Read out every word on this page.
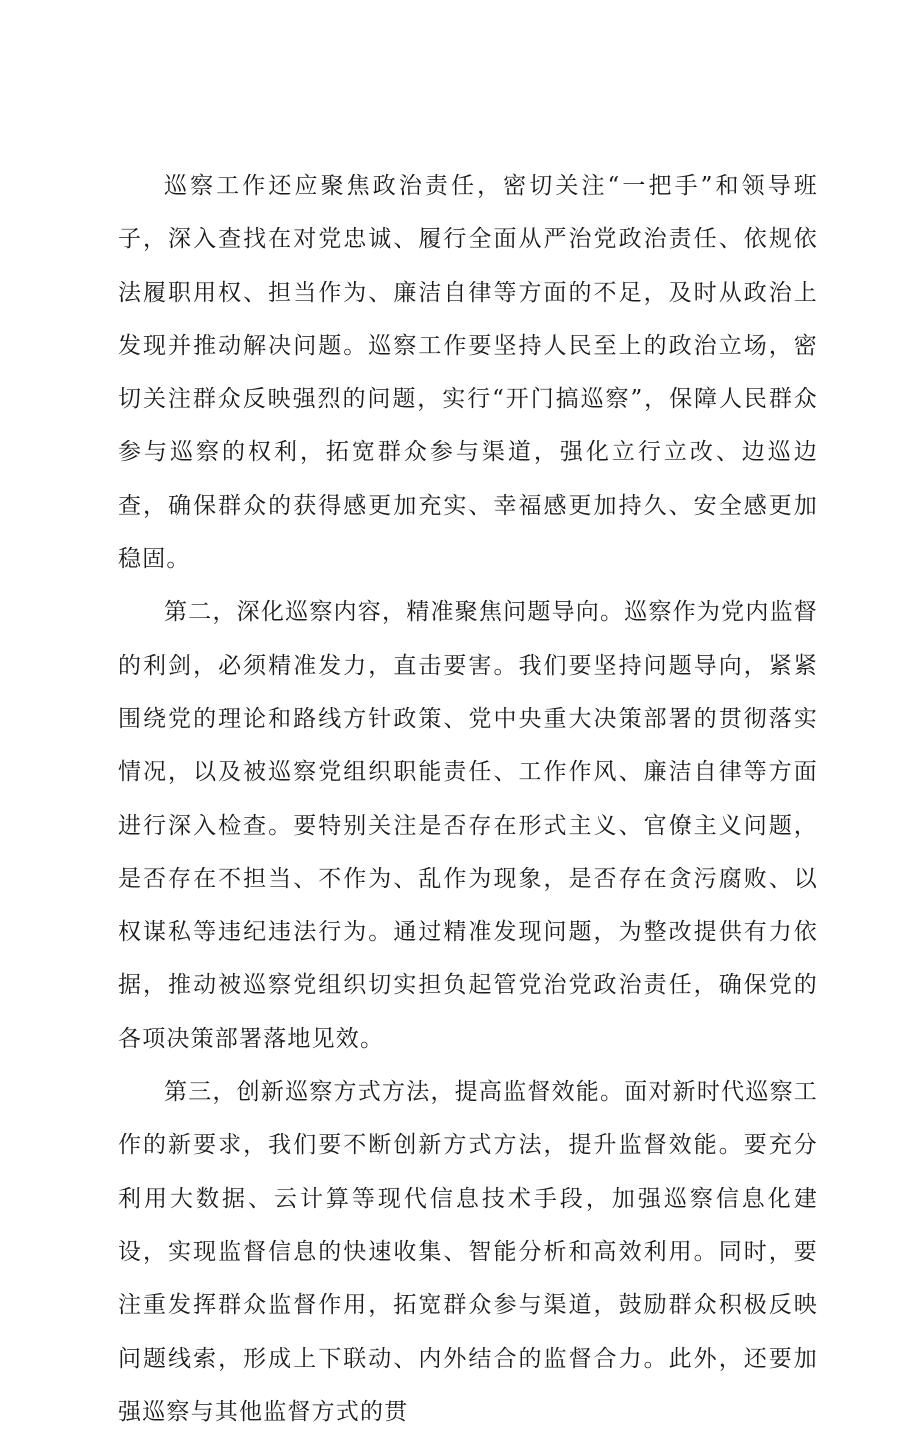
巡察工作还应聚焦政治责任，密切关注“一把手”和领导班子，深入查找在对党忠诚、履行全面从严治党政治责任、依规依法履职用权、担当作为、廉洁自律等方面的不足，及时从政治上发现并推动解决问题。巡察工作要坚持人民至上的政治立场，密切关注群众反映强烈的问题，实行“开门搞巡察”，保障人民群众参与巡察的权利，拓宽群众参与渠道，强化立行立改、边巡边查，确保群众的获得感更加充实、幸福感更加持久、安全感更加稳固。

第二，深化巡察内容，精准聚焦问题导向。巡察作为党内监督的利剑，必须精准发力，直击要害。我们要坚持问题导向，紧紧围绕党的理论和路线方针政策、党中央重大决策部署的贯彻落实情况，以及被巡察党组织职能责任、工作作风、廉洁自律等方面进行深入检查。要特别关注是否存在形式主义、官僚主义问题，是否存在不担当、不作为、乱作为现象，是否存在贪污腐败、以权谋私等违纪违法行为。通过精准发现问题，为整改提供有力依据，推动被巡察党组织切实担负起管党治党政治责任，确保党的各项决策部署落地见效。

第三，创新巡察方式方法，提高监督效能。面对新时代巡察工作的新要求，我们要不断创新方式方法，提升监督效能。要充分利用大数据、云计算等现代信息技术手段，加强巡察信息化建设，实现监督信息的快速收集、智能分析和高效利用。同时，要注重发挥群众监督作用，拓宽群众参与渠道，鼓励群众积极反映问题线索，形成上下联动、内外结合的监督合力。此外，还要加强巡察与其他监督方式的贯
